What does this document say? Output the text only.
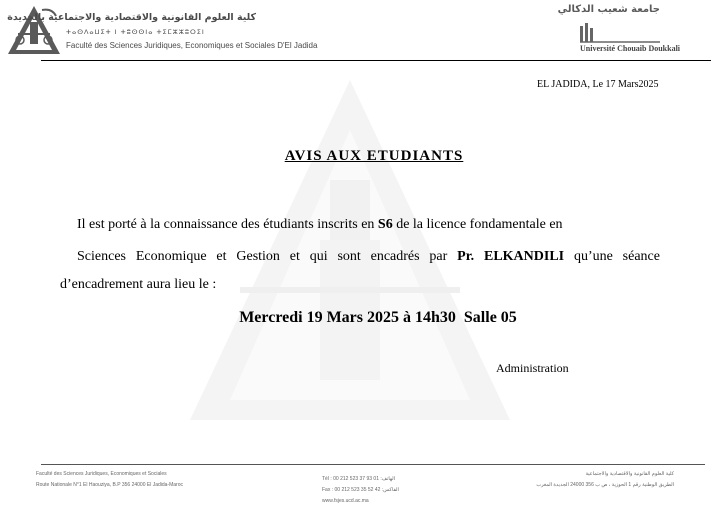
كلية العلوم القانونية والاقتصادية والاجتماعية بالجديدة
ⵜⴰⵙⴷⴰⵡⵉⵜ ⵏ ⵜⵓⵙⵙⵏⴰ ⵜⵉⵎⵣⵣⵓⵔⵉⵏ
Faculté des Sciences Juridiques, Economiques et Sociales D'El Jadida
جامعة شعيب الدكالي
Université Chouaib Doukkali
EL JADIDA, Le 17 Mars2025
AVIS AUX ETUDIANTS
Il est porté à la connaissance des étudiants inscrits en S6 de la licence fondamentale en
Sciences Economique et Gestion et qui sont encadrés par Pr. ELKANDILI qu’une séance
d’encadrement aura lieu le :
Mercredi 19 Mars 2025 à 14h30  Salle 05
Administration
Faculté des Sciences Juridiques, Economiques et Sociales
Route Nationale N°1 El Haouziya, B.P 356 24000 El Jadida-Maroc
Tél : 00 212 523 37 93 01 :الهاتف
Fax : 00 212 523 35 52 42 :الفاكس
www.fsjes.ucd.ac.ma
كلية العلوم القانونية والاقتصادية والاجتماعية
الطريق الوطنية رقم 1 الحوزية ، ص ب 356 24000 الجديدة المغرب
